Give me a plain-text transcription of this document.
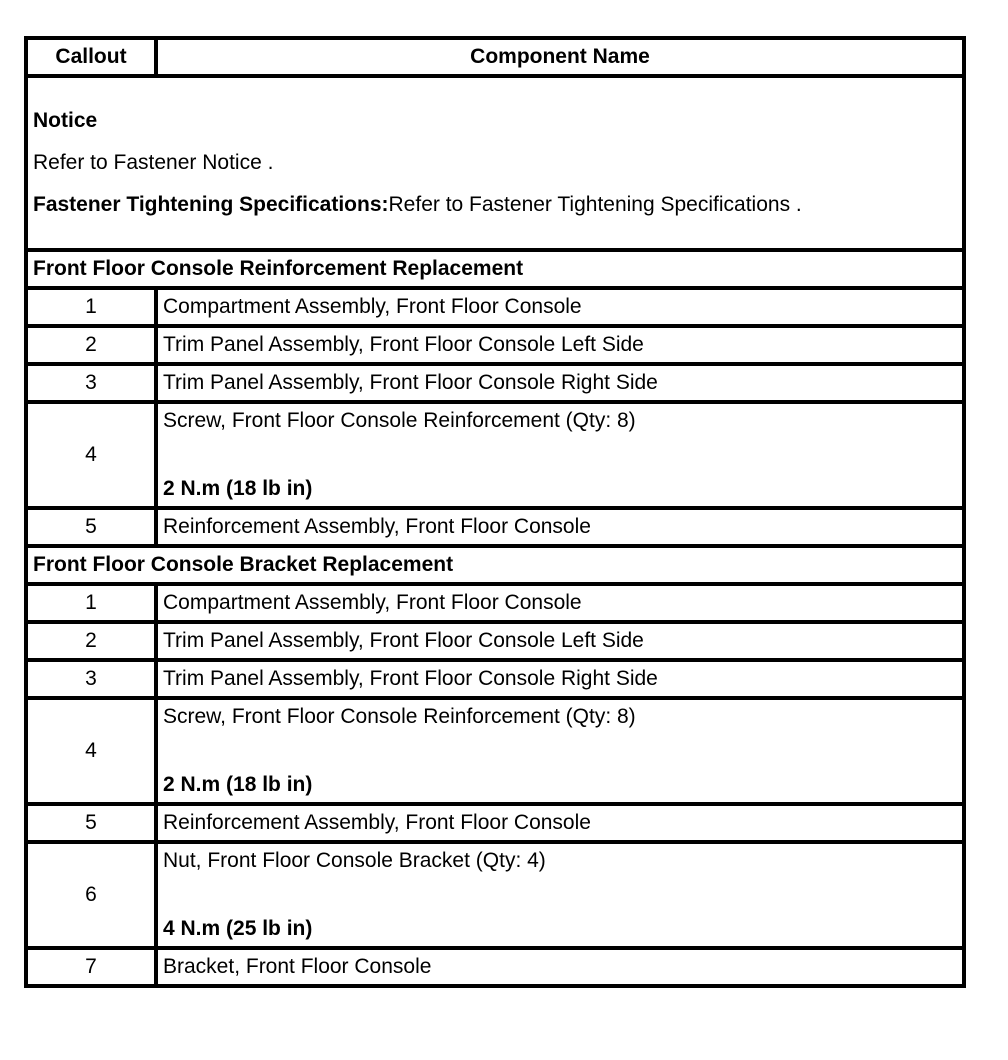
Callout	Component Name

Notice
Refer to Fastener Notice .
Fastener Tightening Specifications: Refer to Fastener Tightening Specifications .	

Front Floor Console Reinforcement Replacement	
1	Compartment Assembly, Front Floor Console
2	Trim Panel Assembly, Front Floor Console Left Side
3	Trim Panel Assembly, Front Floor Console Right Side
4	Screw, Front Floor Console Reinforcement (Qty: 8)
2 N.m (18 lb in)

5	Reinforcement Assembly, Front Floor Console
Front Floor Console Bracket Replacement	
1	Compartment Assembly, Front Floor Console
2	Trim Panel Assembly, Front Floor Console Left Side
3	Trim Panel Assembly, Front Floor Console Right Side
4	Screw, Front Floor Console Reinforcement (Qty: 8)
2 N.m (18 lb in)

5	Reinforcement Assembly, Front Floor Console
6	Nut, Front Floor Console Bracket (Qty: 4)
4 N.m (25 lb in)

7	Bracket, Front Floor Console
